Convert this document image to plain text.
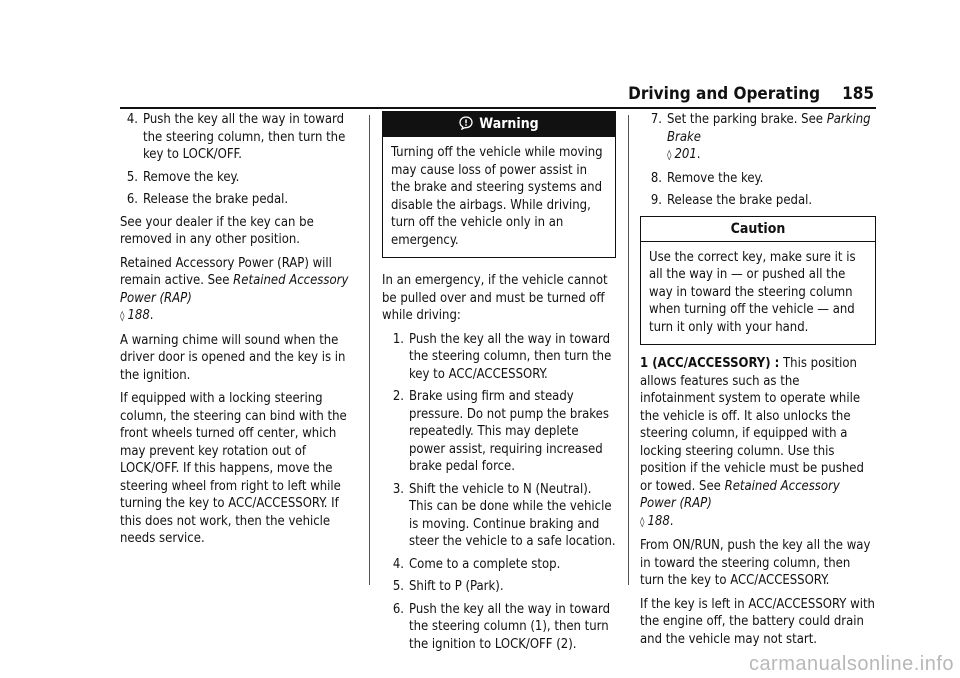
Driving and Operating 185
4. Push the key all the way in toward the steering column, then turn the key to LOCK/OFF.
5. Remove the key.
6. Release the brake pedal.

See your dealer if the key can be removed in any other position.

Retained Accessory Power (RAP) will remain active. See Retained Accessory Power (RAP)
◊ 188.

A warning chime will sound when the driver door is opened and the key is in the ignition.

If equipped with a locking steering column, the steering can bind with the front wheels turned off center, which may prevent key rotation out of LOCK/OFF. If this happens, move the steering wheel from right to left while turning the key to ACC/ACCESSORY. If this does not work, then the vehicle needs service.

Warning
Turning off the vehicle while moving may cause loss of power assist in the brake and steering systems and disable the airbags. While driving, turn off the vehicle only in an emergency.

In an emergency, if the vehicle cannot be pulled over and must be turned off while driving:

1. Push the key all the way in toward the steering column, then turn the key to ACC/ACCESSORY.
2. Brake using firm and steady pressure. Do not pump the brakes repeatedly. This may deplete power assist, requiring increased brake pedal force.
3. Shift the vehicle to N (Neutral). This can be done while the vehicle is moving. Continue braking and steer the vehicle to a safe location.
4. Come to a complete stop.
5. Shift to P (Park).
6. Push the key all the way in toward the steering column (1), then turn the ignition to LOCK/OFF (2).
7. Set the parking brake. See Parking Brake
◊ 201.
8. Remove the key.
9. Release the brake pedal.
Caution
Use the correct key, make sure it is all the way in — or pushed all the way in toward the steering column when turning off the vehicle — and turn it only with your hand.

1 (ACC/ACCESSORY) : This position allows features such as the infotainment system to operate while the vehicle is off. It also unlocks the steering column, if equipped with a locking steering column. Use this position if the vehicle must be pushed or towed. See Retained Accessory Power (RAP)
◊ 188.

From ON/RUN, push the key all the way in toward the steering column, then turn the key to ACC/ACCESSORY.

If the key is left in ACC/ACCESSORY with the engine off, the battery could drain and the vehicle may not start.

carmanualsonline.info
